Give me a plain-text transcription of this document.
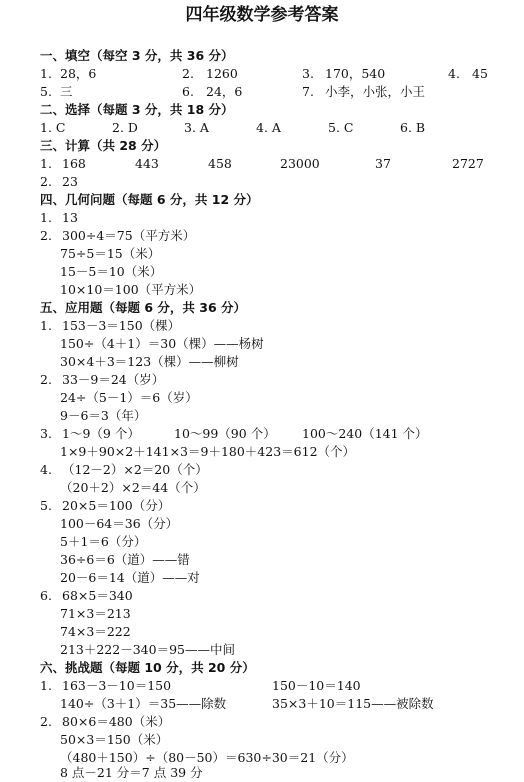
四年级数学参考答案
一、填空（每空 3 分，共 36 分）
1. 28，6	2. 1260	3. 170，540	4. 45
5. 三	6. 24，6	7. 小李，小张，小王
二、选择（每题 3 分，共 18 分）
1. C	2. D	3. A	4. A	5. C	6. B
三、计算（共 28 分）
1. 168	443	458	23000	37	2727
2. 23
四、几何问题（每题 6 分，共 12 分）
1. 13
2. 300÷4＝75（平方米）
75÷5＝15（米）
15－5＝10（米）
10×10＝100（平方米）
五、应用题（每题 6 分，共 36 分）
1. 153－3＝150（棵）
150÷（4＋1）＝30（棵）——杨树
30×4＋3＝123（棵）——柳树
2. 33－9＝24（岁）
24÷（5－1）＝6（岁）
9－6＝3（年）
3. 1～9（9 个）	10～99（90 个） 100～240（141 个）
1×9＋90×2＋141×3＝9＋180＋423＝612（个）
4. （12－2）×2＝20（个）
（20＋2）×2＝44（个）
5. 20×5＝100（分）
100－64＝36（分）
5＋1＝6（分）
36÷6＝6（道）——错
20－6＝14（道）——对
6. 68×5＝340
71×3＝213
74×3＝222
213＋222－340＝95——中间
六、挑战题（每题 10 分，共 20 分）
1. 163－3－10＝150	150－10＝140
140÷（3＋1）＝35——除数	35×3＋10＝115——被除数
2. 80×6＝480（米）
50×3＝150（米）
（480＋150）÷（80－50）＝630÷30＝21（分）
8 点－21 分＝7 点 39 分
